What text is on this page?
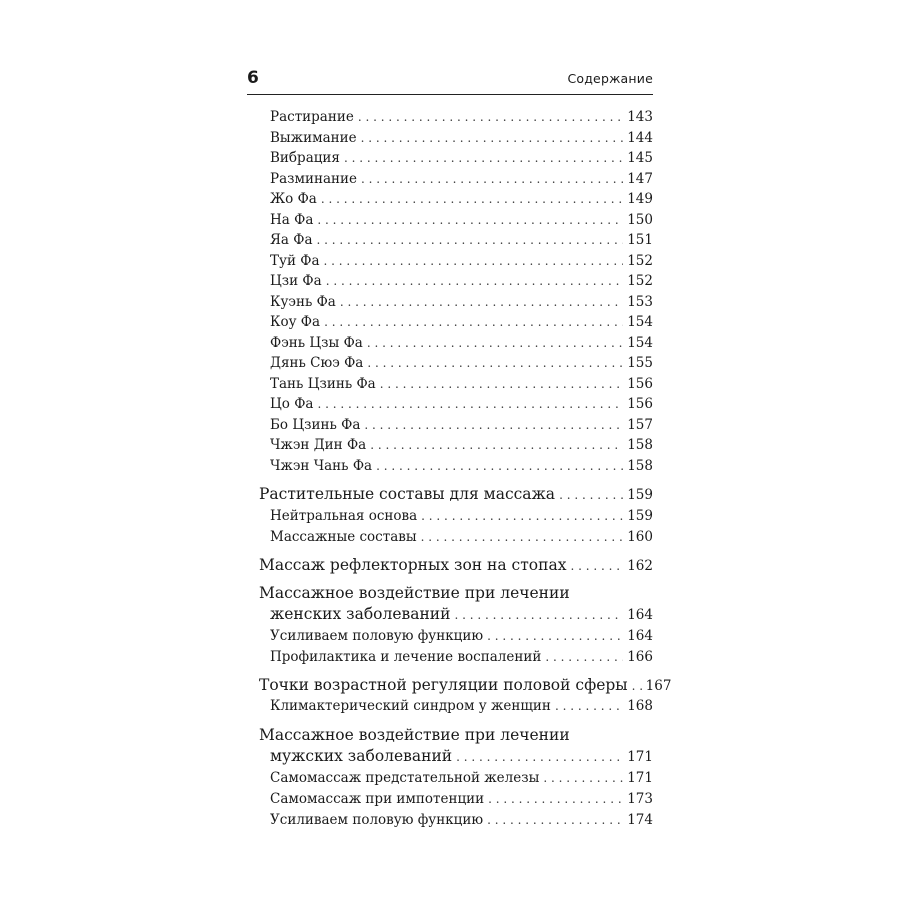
6	Содержание
Растирание . . .	143
Выжимание . . .	144
Вибрация . . .	145
Разминание . . .	147
Жо Фа . . .	149
На Фа . . .	150
Яа Фа . . .	151
Туй Фа . . .	152
Цзи Фа . . .	152
Куэнь Фа . . .	153
Коу Фа . . .	154
Фэнь Цзы Фа . . .	154
Дянь Сюэ Фа . . .	155
Тань Цзинь Фа . . .	156
Цо Фа . . .	156
Бо Цзинь Фа . . .	157
Чжэн Дин Фа . . .	158
Чжэн Чань Фа . . .	158
Растительные составы для массажа . . .	159
Нейтральная основа . . .	159
Массажные составы . . .	160
Массаж рефлекторных зон на стопах . . .	162
Массажное воздействие при лечении
женских заболеваний . . .	164
Усиливаем половую функцию . . .	164
Профилактика и лечение воспалений . . .	166
Точки возрастной регуляции половой сферы . . . 167
Климактерический синдром у женщин . . .	168
Массажное воздействие при лечении
мужских заболеваний . . .	171
Самомассаж предстательной железы . . .	171
Самомассаж при импотенции . . .	173
Усиливаем половую функцию . . .	174
